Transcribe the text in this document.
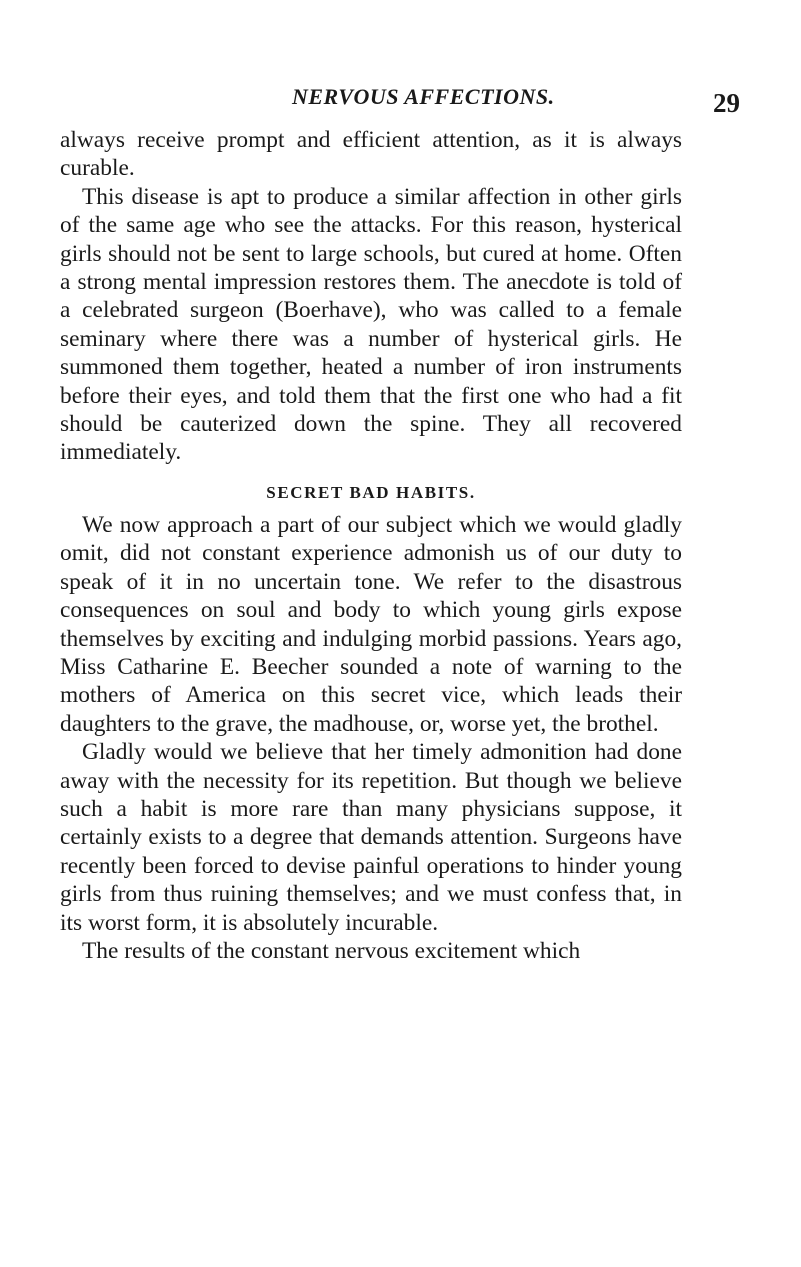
NERVOUS AFFECTIONS.	29

always receive prompt and efficient attention, as it is always curable.

This disease is apt to produce a similar affection in other girls of the same age who see the attacks. For this reason, hysterical girls should not be sent to large schools, but cured at home. Often a strong mental impression restores them. The anecdote is told of a celebrated surgeon (Boerhave), who was called to a female seminary where there was a number of hysterical girls. He summoned them together, heated a number of iron instruments before their eyes, and told them that the first one who had a fit should be cauterized down the spine. They all recovered immediately.

SECRET BAD HABITS.

We now approach a part of our subject which we would gladly omit, did not constant experience admonish us of our duty to speak of it in no uncertain tone. We refer to the disastrous consequences on soul and body to which young girls expose themselves by exciting and indulging morbid passions. Years ago, Miss Catharine E. Beecher sounded a note of warning to the mothers of America on this secret vice, which leads their daughters to the grave, the madhouse, or, worse yet, the brothel.

Gladly would we believe that her timely admonition had done away with the necessity for its repetition. But though we believe such a habit is more rare than many physicians suppose, it certainly exists to a degree that demands attention. Surgeons have recently been forced to devise painful operations to hinder young girls from thus ruining themselves; and we must confess that, in its worst form, it is absolutely incurable.

The results of the constant nervous excitement which
